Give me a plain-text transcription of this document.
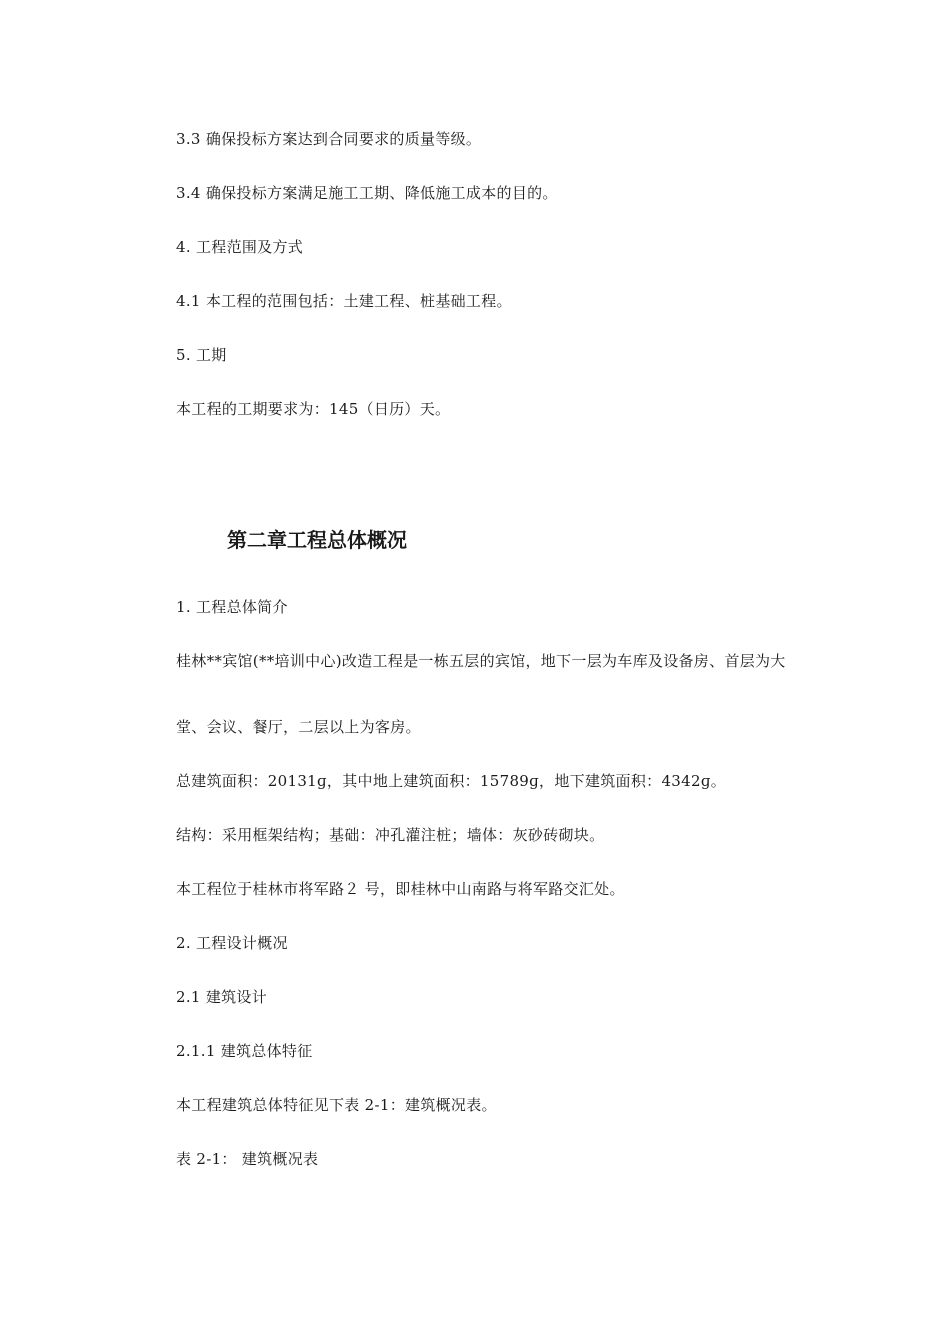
3.3 确保投标方案达到合同要求的质量等级。
3.4 确保投标方案满足施工工期、降低施工成本的目的。
4. 工程范围及方式
4.1 本工程的范围包括：土建工程、桩基础工程。
5. 工期
本工程的工期要求为：145（日历）天。
第二章工程总体概况
1. 工程总体简介
桂林**宾馆(**培训中心)改造工程是一栋五层的宾馆，地下一层为车库及设备房、首层为大
堂、会议、餐厅，二层以上为客房。
总建筑面积：20131ɡ，其中地上建筑面积：15789ɡ，地下建筑面积：4342ɡ。
结构：采用框架结构；基础：冲孔灌注桩；墙体：灰砂砖砌块。
本工程位于桂林市将军路２ 号，即桂林中山南路与将军路交汇处。
2. 工程设计概况
2.1 建筑设计
2.1.1 建筑总体特征
本工程建筑总体特征见下表 2-1：建筑概况表。
表 2-1： 建筑概况表
